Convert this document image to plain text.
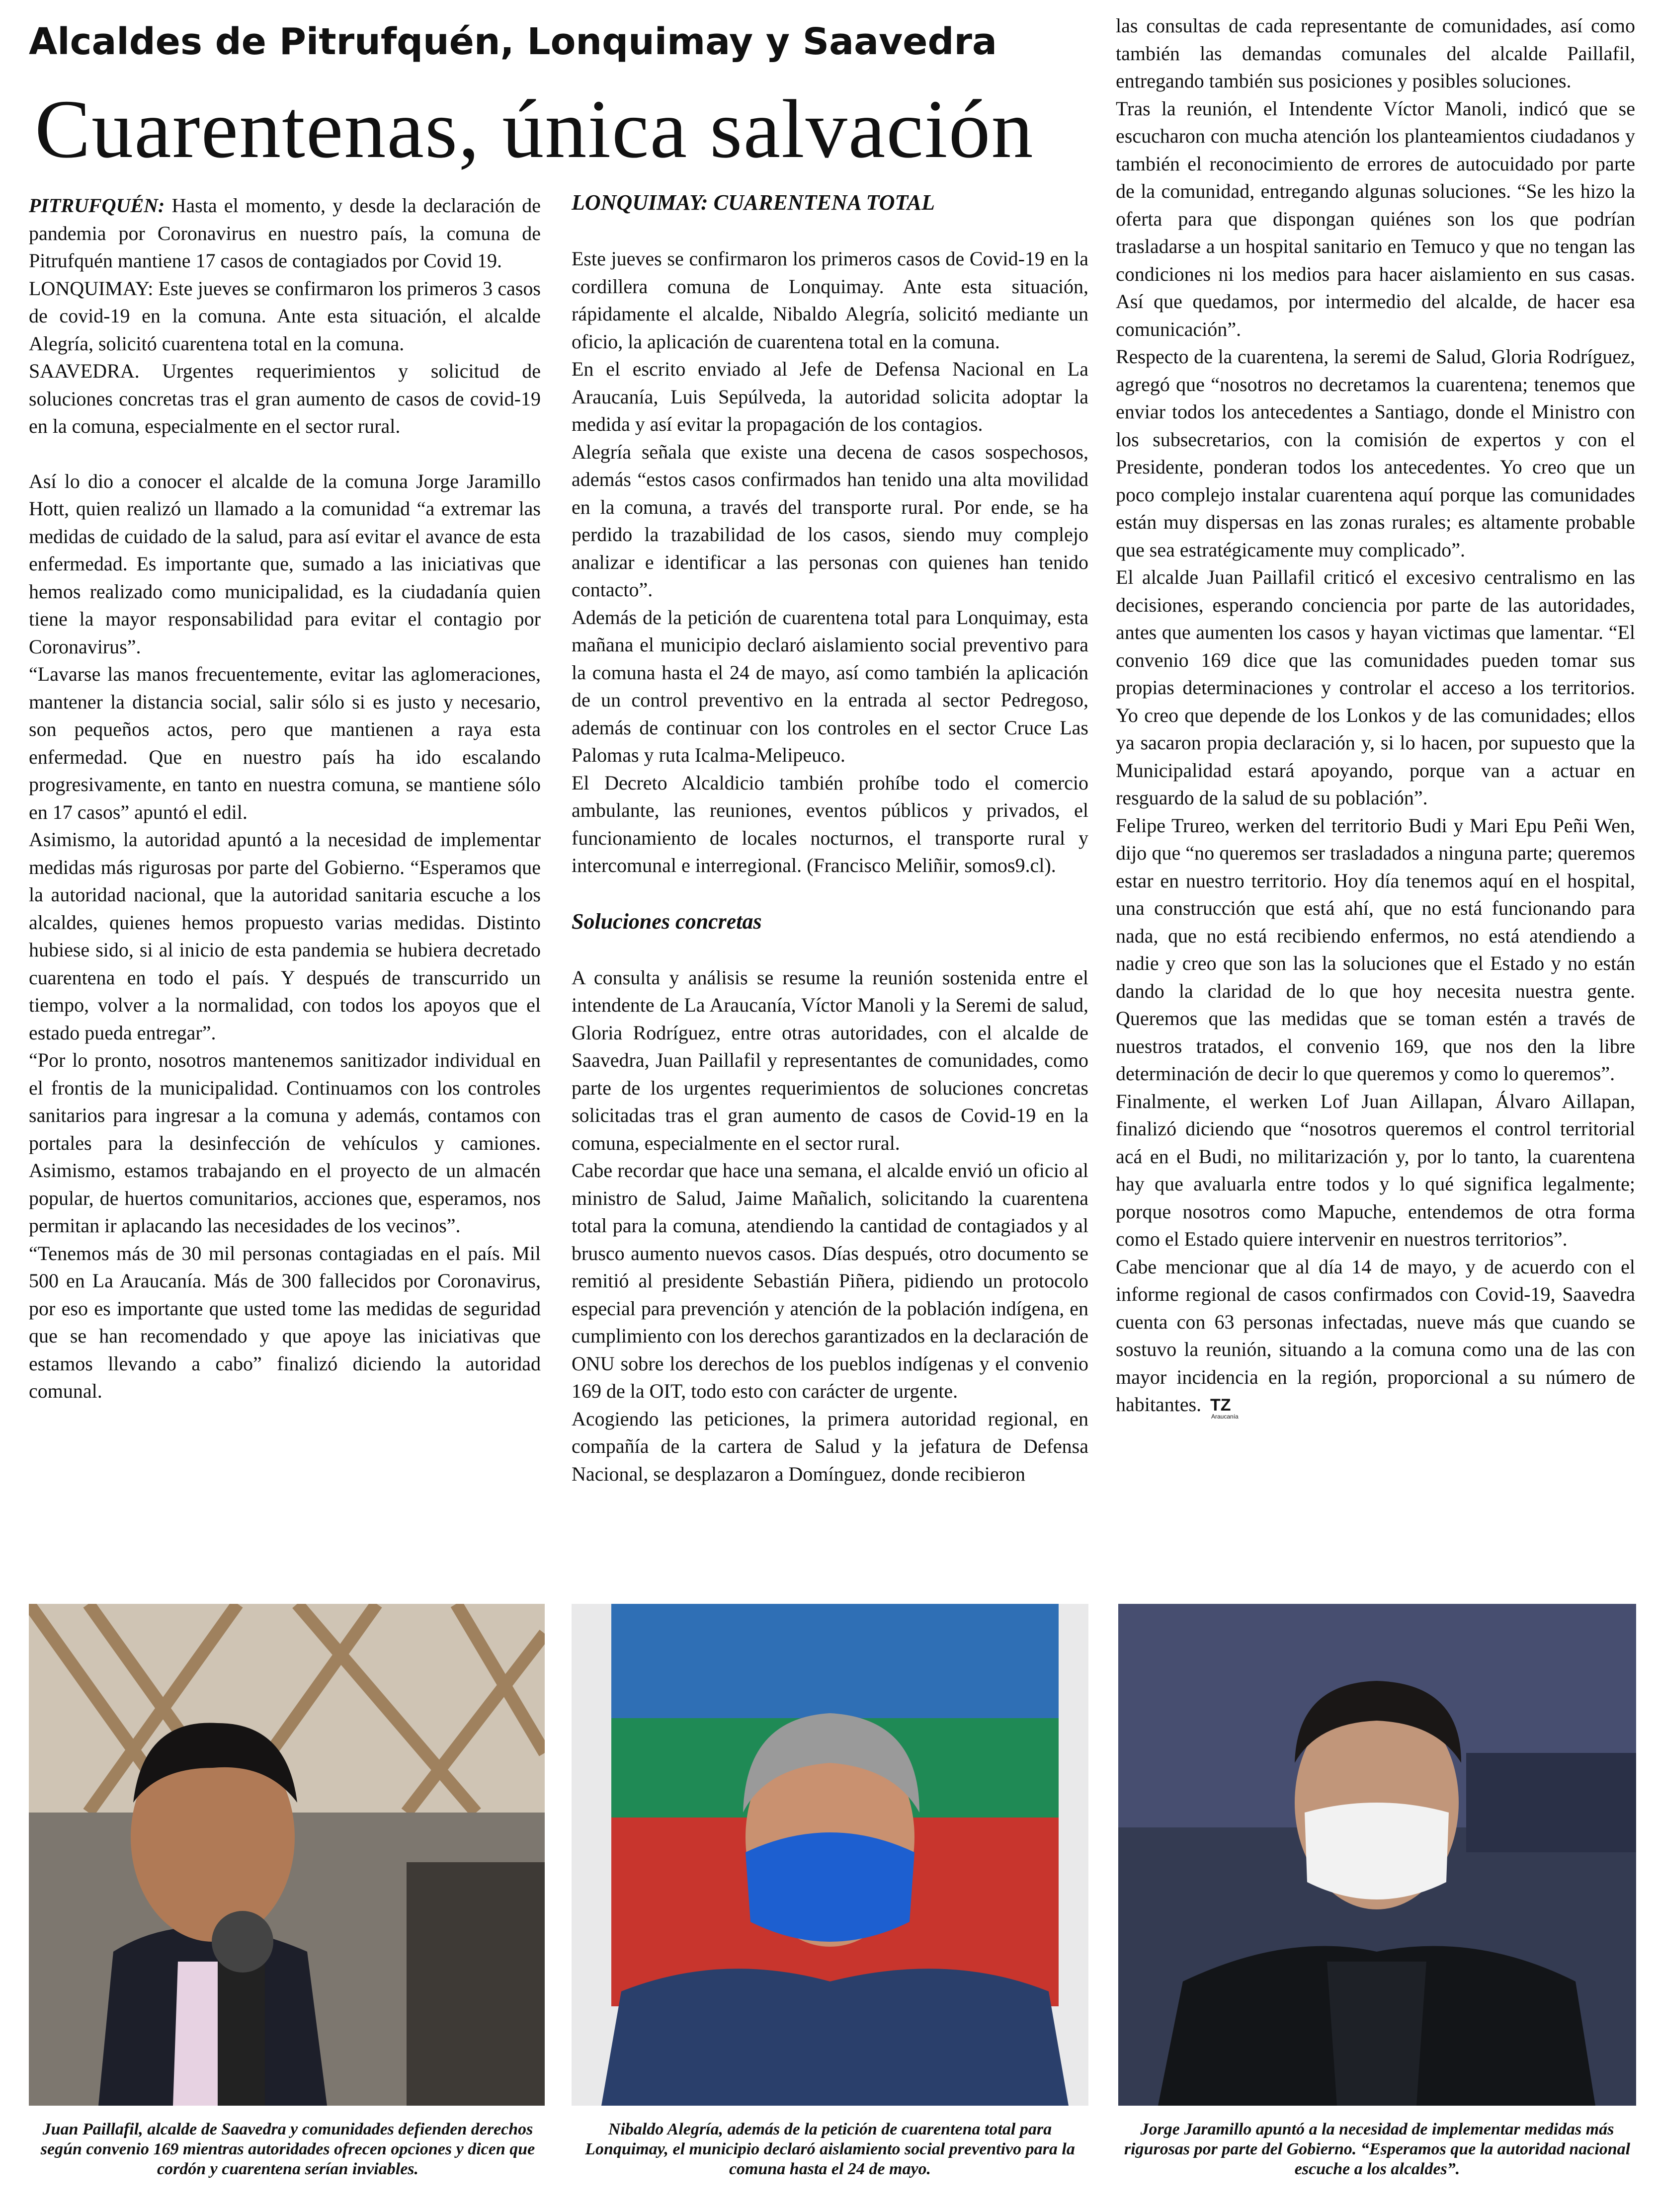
Alcaldes de Pitrufquén, Lonquimay y Saavedra
Cuarentenas, única salvación

PITRUFQUÉN: Hasta el momento, y desde la declaración de pandemia por Coronavirus en nuestro país, la comuna de Pitrufquén mantiene 17 casos de contagiados por Covid 19.

LONQUIMAY: Este jueves se confirmaron los primeros 3 casos de covid-19 en la comuna. Ante esta situación, el alcalde Alegría, solicitó cuarentena total en la comuna.

SAAVEDRA. Urgentes requerimientos y solicitud de soluciones concretas tras el gran aumento de casos de covid-19 en la comuna, especialmente en el sector rural.

Así lo dio a conocer el alcalde de la comuna Jorge Jaramillo Hott, quien realizó un llamado a la comunidad “a extremar las medidas de cuidado de la salud, para así evitar el avance de esta enfermedad. Es importante que, sumado a las iniciativas que hemos realizado como municipalidad, es la ciudadanía quien tiene la mayor responsabilidad para evitar el contagio por Coronavirus”.

“Lavarse las manos frecuentemente, evitar las aglomeraciones, mantener la distancia social, salir sólo si es justo y necesario, son pequeños actos, pero que mantienen a raya esta enfermedad. Que en nuestro país ha ido escalando progresivamente, en tanto en nuestra comuna, se mantiene sólo en 17 casos” apuntó el edil.

Asimismo, la autoridad apuntó a la necesidad de implementar medidas más rigurosas por parte del Gobierno. “Esperamos que la autoridad nacional, que la autoridad sanitaria escuche a los alcaldes, quienes hemos propuesto varias medidas. Distinto hubiese sido, si al inicio de esta pandemia se hubiera decretado cuarentena en todo el país. Y después de transcurrido un tiempo, volver a la normalidad, con todos los apoyos que el estado pueda entregar”.

“Por lo pronto, nosotros mantenemos sanitizador individual en el frontis de la municipalidad. Continuamos con los controles sanitarios para ingresar a la comuna y además, contamos con portales para la desinfección de vehículos y camiones. Asimismo, estamos trabajando en el proyecto de un almacén popular, de huertos comunitarios, acciones que, esperamos, nos permitan ir aplacando las necesidades de los vecinos”.

“Tenemos más de 30 mil personas contagiadas en el país. Mil 500 en La Araucanía. Más de 300 fallecidos por Coronavirus, por eso es importante que usted tome las medidas de seguridad que se han recomendado y que apoye las iniciativas que estamos llevando a cabo” finalizó diciendo la autoridad comunal.

LONQUIMAY: CUARENTENA TOTAL

Este jueves se confirmaron los primeros casos de Covid-19 en la cordillera comuna de Lonquimay. Ante esta situación, rápidamente el alcalde, Nibaldo Alegría, solicitó mediante un oficio, la aplicación de cuarentena total en la comuna.

En el escrito enviado al Jefe de Defensa Nacional en La Araucanía, Luis Sepúlveda, la autoridad solicita adoptar la medida y así evitar la propagación de los contagios.

Alegría señala que existe una decena de casos sospechosos, además “estos casos confirmados han tenido una alta movilidad en la comuna, a través del transporte rural. Por ende, se ha perdido la trazabilidad de los casos, siendo muy complejo analizar e identificar a las personas con quienes han tenido contacto”.

Además de la petición de cuarentena total para Lonquimay, esta mañana el municipio declaró aislamiento social preventivo para la comuna hasta el 24 de mayo, así como también la aplicación de un control preventivo en la entrada al sector Pedregoso, además de continuar con los controles en el sector Cruce Las Palomas y ruta Icalma-Melipeuco.

El Decreto Alcaldicio también prohíbe todo el comercio ambulante, las reuniones, eventos públicos y privados, el funcionamiento de locales nocturnos, el transporte rural y intercomunal e interregional. (Francisco Meliñir, somos9.cl).

Soluciones concretas

A consulta y análisis se resume la reunión sostenida entre el intendente de La Araucanía, Víctor Manoli y la Seremi de salud, Gloria Rodríguez, entre otras autoridades, con el alcalde de Saavedra, Juan Paillafil y representantes de comunidades, como parte de los urgentes requerimientos de soluciones concretas solicitadas tras el gran aumento de casos de Covid-19 en la comuna, especialmente en el sector rural.

Cabe recordar que hace una semana, el alcalde envió un oficio al ministro de Salud, Jaime Mañalich, solicitando la cuarentena total para la comuna, atendiendo la cantidad de contagiados y al brusco aumento nuevos casos. Días después, otro documento se remitió al presidente Sebastián Piñera, pidiendo un protocolo especial para prevención y atención de la población indígena, en cumplimiento con los derechos garantizados en la declaración de ONU sobre los derechos de los pueblos indígenas y el convenio 169 de la OIT, todo esto con carácter de urgente.

Acogiendo las peticiones, la primera autoridad regional, en compañía de la cartera de Salud y la jefatura de Defensa Nacional, se desplazaron a Domínguez, donde recibieron

las consultas de cada representante de comunidades, así como también las demandas comunales del alcalde Paillafil, entregando también sus posiciones y posibles soluciones.

Tras la reunión, el Intendente Víctor Manoli, indicó que se escucharon con mucha atención los planteamientos ciudadanos y también el reconocimiento de errores de autocuidado por parte de la comunidad, entregando algunas soluciones. “Se les hizo la oferta para que dispongan quiénes son los que podrían trasladarse a un hospital sanitario en Temuco y que no tengan las condiciones ni los medios para hacer aislamiento en sus casas. Así que quedamos, por intermedio del alcalde, de hacer esa comunicación”.

Respecto de la cuarentena, la seremi de Salud, Gloria Rodríguez, agregó que “nosotros no decretamos la cuarentena; tenemos que enviar todos los antecedentes a Santiago, donde el Ministro con los subsecretarios, con la comisión de expertos y con el Presidente, ponderan todos los antecedentes. Yo creo que un poco complejo instalar cuarentena aquí porque las comunidades están muy dispersas en las zonas rurales; es altamente probable que sea estratégicamente muy complicado”.

El alcalde Juan Paillafil criticó el excesivo centralismo en las decisiones, esperando conciencia por parte de las autoridades, antes que aumenten los casos y hayan victimas que lamentar. “El convenio 169 dice que las comunidades pueden tomar sus propias determinaciones y controlar el acceso a los territorios. Yo creo que depende de los Lonkos y de las comunidades; ellos ya sacaron propia declaración y, si lo hacen, por supuesto que la Municipalidad estará apoyando, porque van a actuar en resguardo de la salud de su población”.

Felipe Trureo, werken del territorio Budi y Mari Epu Peñi Wen, dijo que “no queremos ser trasladados a ninguna parte; queremos estar en nuestro territorio. Hoy día tenemos aquí en el hospital, una construcción que está ahí, que no está funcionando para nada, que no está recibiendo enfermos, no está atendiendo a nadie y creo que son las la soluciones que el Estado y no están dando la claridad de lo que hoy necesita nuestra gente. Queremos que las medidas que se toman estén a través de nuestros tratados, el convenio 169, que nos den la libre determinación de decir lo que queremos y como lo queremos”.

Finalmente, el werken Lof Juan Aillapan, Álvaro Aillapan, finalizó diciendo que “nosotros queremos el control territorial acá en el Budi, no militarización y, por lo tanto, la cuarentena hay que avaluarla entre todos y lo qué significa legalmente; porque nosotros como Mapuche, entendemos de otra forma como el Estado quiere intervenir en nuestros territorios”.

Cabe mencionar que al día 14 de mayo, y de acuerdo con el informe regional de casos confirmados con Covid-19, Saavedra cuenta con 63 personas infectadas, nueve más que cuando se sostuvo la reunión, situando a la comuna como una de las con mayor incidencia en la región, proporcional a su número de habitantes. TZ
Araucanía

Juan Paillafil, alcalde de Saavedra y comunidades defienden derechos según convenio 169 mientras autoridades ofrecen opciones y dicen que cordón y cuarentena serían inviables.
Nibaldo Alegría, además de la petición de cuarentena total para Lonquimay, el municipio declaró aislamiento social preventivo para la comuna hasta el 24 de mayo.
Jorge Jaramillo apuntó a la necesidad de implementar medidas más rigurosas por parte del Gobierno. “Esperamos que la autoridad nacional escuche a los alcaldes”.
